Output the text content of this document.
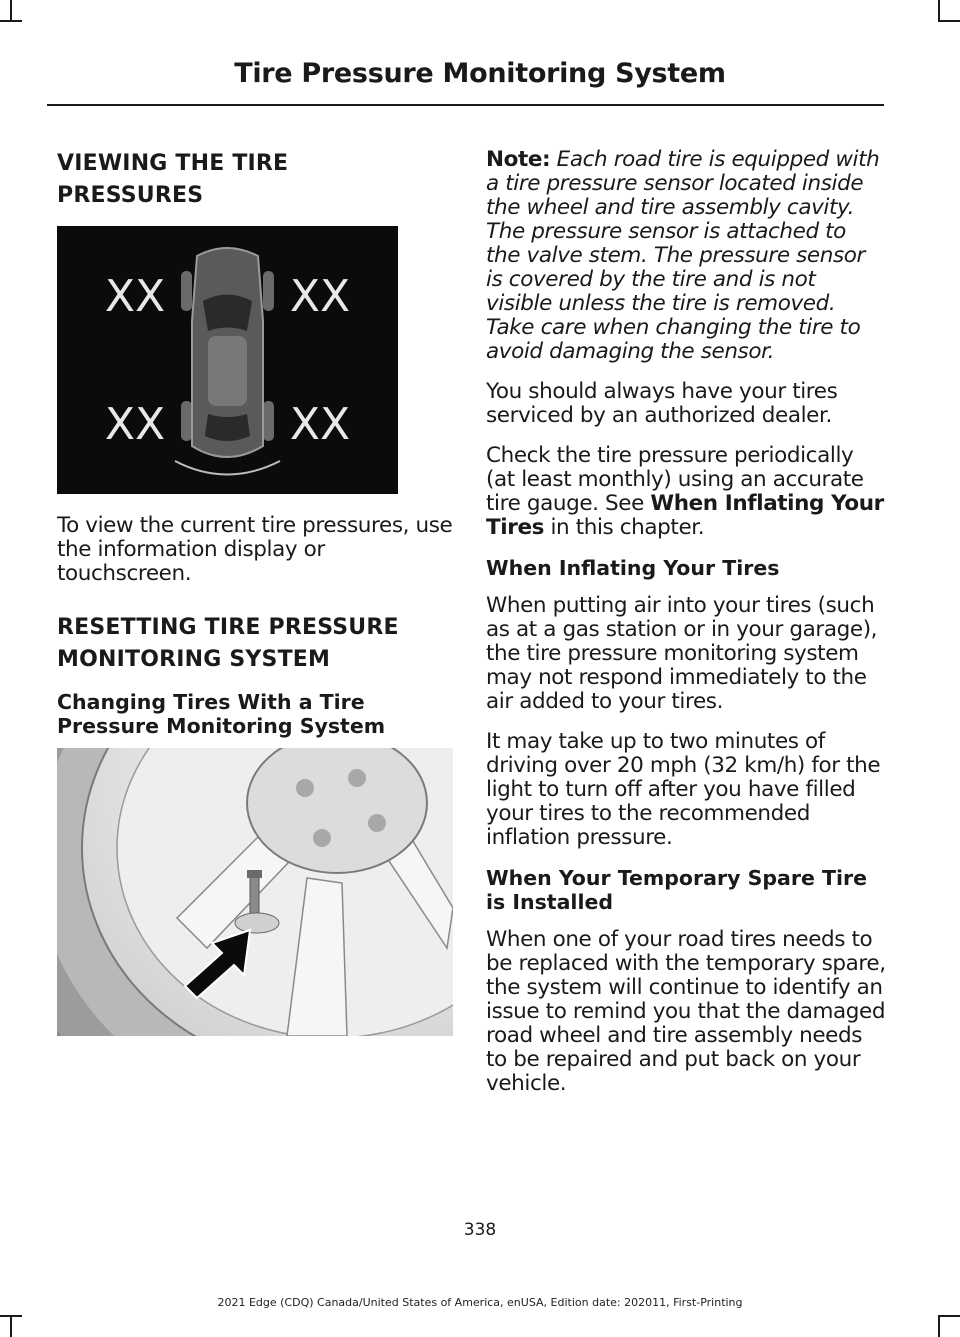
Tire Pressure Monitoring System
VIEWING THE TIRE
PRESSURES
XX	XX
XX	XX

To view the current tire pressures, use the information display or touchscreen.

RESETTING TIRE PRESSURE
MONITORING SYSTEM
Changing Tires With a Tire Pressure Monitoring System

Note: Each road tire is equipped with a tire pressure sensor located inside the wheel and tire assembly cavity. The pressure sensor is attached to the valve stem. The pressure sensor is covered by the tire and is not visible unless the tire is removed. Take care when changing the tire to avoid damaging the sensor.

You should always have your tires serviced by an authorized dealer.

Check the tire pressure periodically (at least monthly) using an accurate tire gauge. See When Inflating Your Tires in this chapter.

When Inflating Your Tires

When putting air into your tires (such as at a gas station or in your garage), the tire pressure monitoring system may not respond immediately to the air added to your tires.

It may take up to two minutes of driving over 20 mph (32 km/h) for the light to turn off after you have filled your tires to the recommended inflation pressure.

When Your Temporary Spare Tire is Installed

When one of your road tires needs to be replaced with the temporary spare, the system will continue to identify an issue to remind you that the damaged road wheel and tire assembly needs to be repaired and put back on your vehicle.

338
2021 Edge (CDQ) Canada/United States of America, enUSA, Edition date: 202011, First-Printing
